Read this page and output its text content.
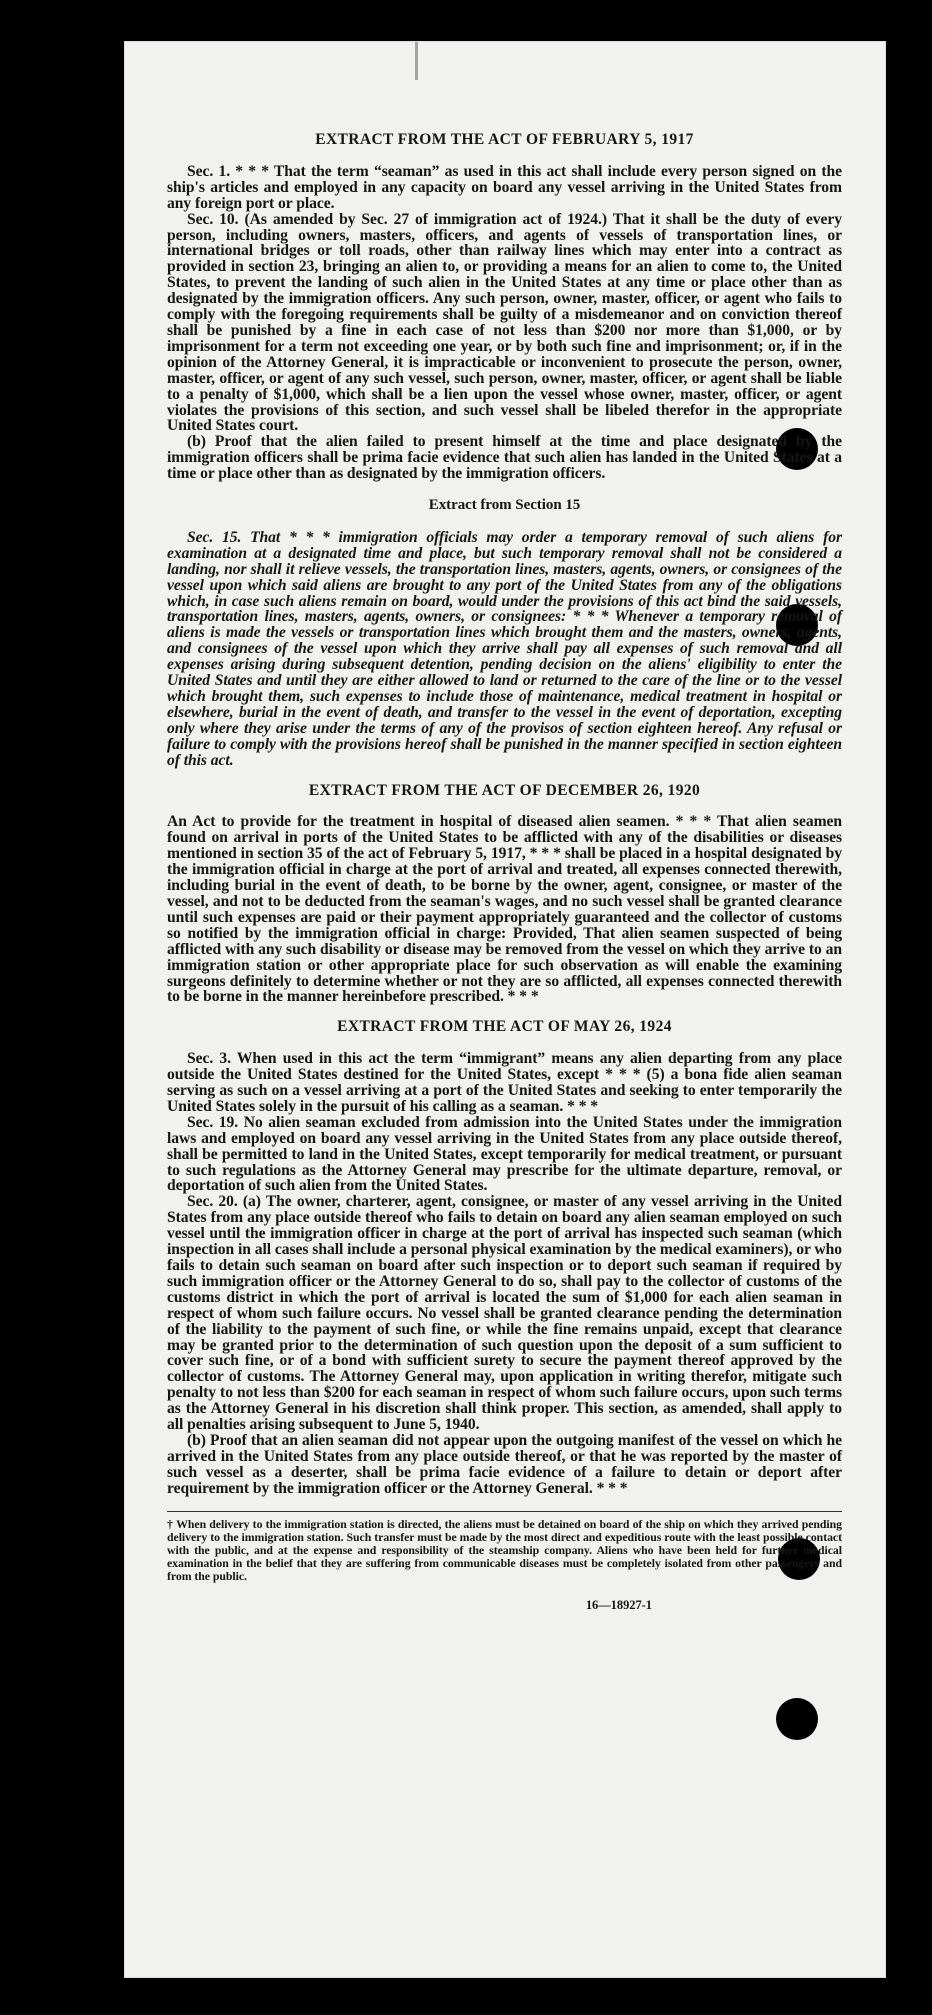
EXTRACT FROM THE ACT OF FEBRUARY 5, 1917

Sec. 1. * * * That the term “seaman” as used in this act shall include every person signed on the ship's articles and employed in any capacity on board any vessel arriving in the United States from any foreign port or place.

Sec. 10. (As amended by Sec. 27 of immigration act of 1924.) That it shall be the duty of every person, including owners, masters, officers, and agents of vessels of transportation lines, or international bridges or toll roads, other than railway lines which may enter into a contract as provided in section 23, bringing an alien to, or providing a means for an alien to come to, the United States, to prevent the landing of such alien in the United States at any time or place other than as designated by the immigration officers. Any such person, owner, master, officer, or agent who fails to comply with the foregoing requirements shall be guilty of a misdemeanor and on conviction thereof shall be punished by a fine in each case of not less than $200 nor more than $1,000, or by imprisonment for a term not exceeding one year, or by both such fine and imprisonment; or, if in the opinion of the Attorney General, it is impracticable or inconvenient to prosecute the person, owner, master, officer, or agent of any such vessel, such person, owner, master, officer, or agent shall be liable to a penalty of $1,000, which shall be a lien upon the vessel whose owner, master, officer, or agent violates the provisions of this section, and such vessel shall be libeled therefor in the appropriate United States court.

(b) Proof that the alien failed to present himself at the time and place designated by the immigration officers shall be prima facie evidence that such alien has landed in the United States at a time or place other than as designated by the immigration officers.

Extract from Section 15

Sec. 15. That * * * immigration officials may order a temporary removal of such aliens for examination at a designated time and place, but such temporary removal shall not be considered a landing, nor shall it relieve vessels, the transportation lines, masters, agents, owners, or consignees of the vessel upon which said aliens are brought to any port of the United States from any of the obligations which, in case such aliens remain on board, would under the provisions of this act bind the said vessels, transportation lines, masters, agents, owners, or consignees: * * * Whenever a temporary removal of aliens is made the vessels or transportation lines which brought them and the masters, owners, agents, and consignees of the vessel upon which they arrive shall pay all expenses of such removal and all expenses arising during subsequent detention, pending decision on the aliens' eligibility to enter the United States and until they are either allowed to land or returned to the care of the line or to the vessel which brought them, such expenses to include those of maintenance, medical treatment in hospital or elsewhere, burial in the event of death, and transfer to the vessel in the event of deportation, excepting only where they arise under the terms of any of the provisos of section eighteen hereof. Any refusal or failure to comply with the provisions hereof shall be punished in the manner specified in section eighteen of this act.

EXTRACT FROM THE ACT OF DECEMBER 26, 1920

An Act to provide for the treatment in hospital of diseased alien seamen. * * * That alien seamen found on arrival in ports of the United States to be afflicted with any of the disabilities or diseases mentioned in section 35 of the act of February 5, 1917, * * * shall be placed in a hospital designated by the immigration official in charge at the port of arrival and treated, all expenses connected therewith, including burial in the event of death, to be borne by the owner, agent, consignee, or master of the vessel, and not to be deducted from the seaman's wages, and no such vessel shall be granted clearance until such expenses are paid or their payment appropriately guaranteed and the collector of customs so notified by the immigration official in charge: Provided, That alien seamen suspected of being afflicted with any such disability or disease may be removed from the vessel on which they arrive to an immigration station or other appropriate place for such observation as will enable the examining surgeons definitely to determine whether or not they are so afflicted, all expenses connected therewith to be borne in the manner hereinbefore prescribed. * * *

EXTRACT FROM THE ACT OF MAY 26, 1924

Sec. 3. When used in this act the term “immigrant” means any alien departing from any place outside the United States destined for the United States, except * * * (5) a bona fide alien seaman serving as such on a vessel arriving at a port of the United States and seeking to enter temporarily the United States solely in the pursuit of his calling as a seaman. * * *

Sec. 19. No alien seaman excluded from admission into the United States under the immigration laws and employed on board any vessel arriving in the United States from any place outside thereof, shall be permitted to land in the United States, except temporarily for medical treatment, or pursuant to such regulations as the Attorney General may prescribe for the ultimate departure, removal, or deportation of such alien from the United States.

Sec. 20. (a) The owner, charterer, agent, consignee, or master of any vessel arriving in the United States from any place outside thereof who fails to detain on board any alien seaman employed on such vessel until the immigration officer in charge at the port of arrival has inspected such seaman (which inspection in all cases shall include a personal physical examination by the medical examiners), or who fails to detain such seaman on board after such inspection or to deport such seaman if required by such immigration officer or the Attorney General to do so, shall pay to the collector of customs of the customs district in which the port of arrival is located the sum of $1,000 for each alien seaman in respect of whom such failure occurs. No vessel shall be granted clearance pending the determination of the liability to the payment of such fine, or while the fine remains unpaid, except that clearance may be granted prior to the determination of such question upon the deposit of a sum sufficient to cover such fine, or of a bond with sufficient surety to secure the payment thereof approved by the collector of customs. The Attorney General may, upon application in writing therefor, mitigate such penalty to not less than $200 for each seaman in respect of whom such failure occurs, upon such terms as the Attorney General in his discretion shall think proper. This section, as amended, shall apply to all penalties arising subsequent to June 5, 1940.

(b) Proof that an alien seaman did not appear upon the outgoing manifest of the vessel on which he arrived in the United States from any place outside thereof, or that he was reported by the master of such vessel as a deserter, shall be prima facie evidence of a failure to detain or deport after requirement by the immigration officer or the Attorney General. * * *

† When delivery to the immigration station is directed, the aliens must be detained on board of the ship on which they arrived pending delivery to the immigration station. Such transfer must be made by the most direct and expeditious route with the least possible contact with the public, and at the expense and responsibility of the steamship company. Aliens who have been held for further medical examination in the belief that they are suffering from communicable diseases must be completely isolated from other passengers and from the public.
16—18927-1
